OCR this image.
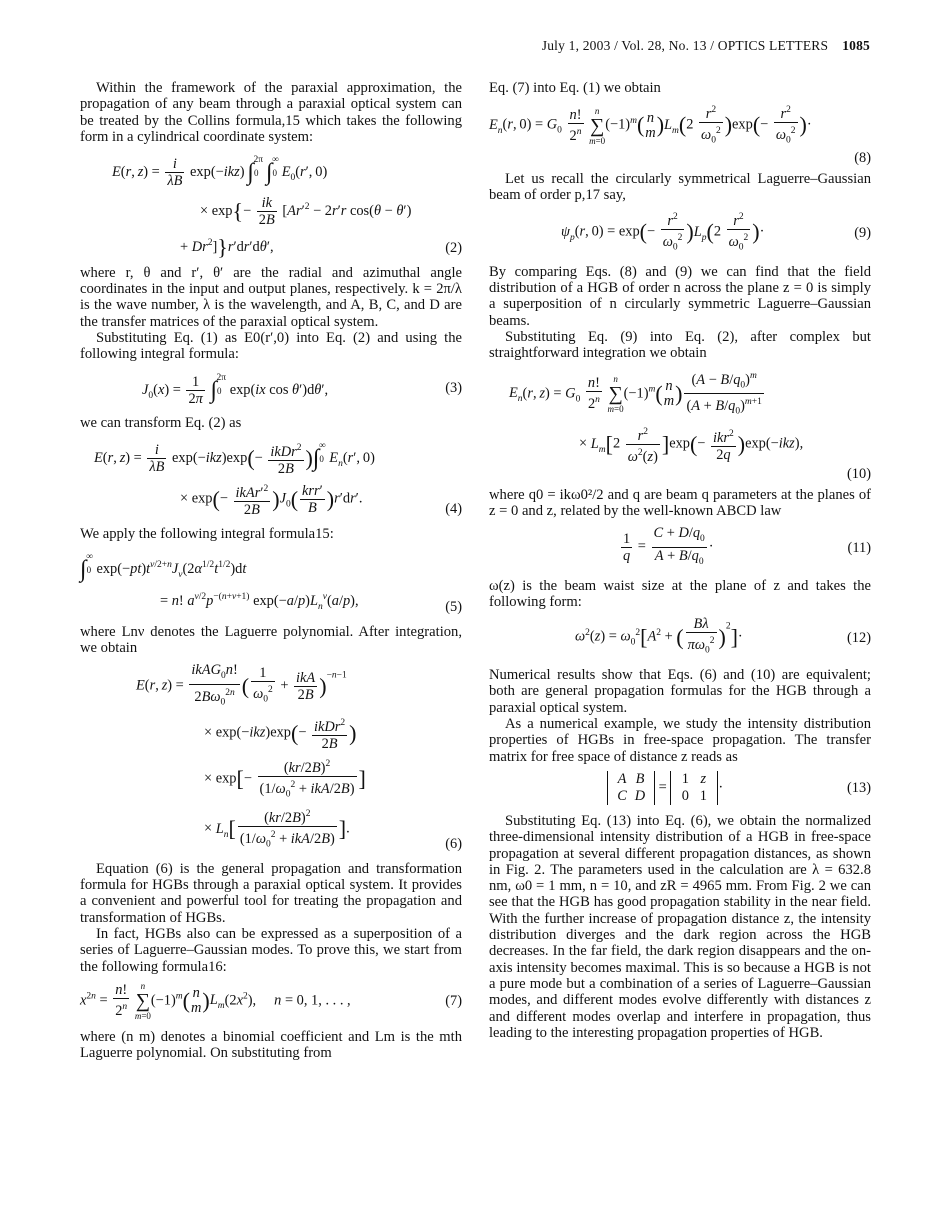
July 1, 2003 / Vol. 28, No. 13 / OPTICS LETTERS 1085

Within the framework of the paraxial approximation, the propagation of any beam through a paraxial optical system can be treated by the Collins formula,15 which takes the following form in a cylindrical coordinate system:

E(r, $z) = \frac{i}{\lambda B} \exp(-ikz)$ $\int 0^{2\pi}$  ∫0∞ $E_0(r'$, 0)
× $\exp\{- \frac{ik}{2B} [Ar'^2 - 2r'r$ cos(θ − θ′)
+ $Dr^2]\}r'dr'd\theta'$,	(2)

where r, θ and r′, θ′ are the radial and azimuthal angle coordinates in the input and output planes, respectively. k = 2π/λ is the wave number, λ is the wavelength, and A, B, C, and D are the transfer matrices of the paraxial optical system.

Substituting Eq. (1) as E0(r′,0) into Eq. (2) and using the following integral formula:

$J_0(x) = \frac{1}{2\pi} \int 0^{2\pi}$ exp(ix cos θ′)dθ′,	(3)

we can transform Eq. (2) as

E(r, $z) = \frac{i}{\lambda B} \exp(-ikz)\exp(- \frac{ikDr^2}{2B} )\int 0^\infty$ $E_n(r'$, 0)
× $\exp(- \frac{ikAr'^2}{2B} )J_0( \frac{\text{krr′}}{B} )r'dr'$.
(4)

We apply the following integral formula15:

∫0∞ $\exp(-pt)t^{\nu/2+n}J_\nu(2\alpha^{1/2}t^{1/2})dt$
= n! $a^{\nu/2}p^{-(n+\nu+1)}$ $\exp(-a/p)L_n^\nu(a/p)$,	(5)

where Lnν denotes the Laguerre polynomial. After integration, we obtain

E(r, $z) = \frac{ikAG_0n!}{2B\omega_0^{2n}}$ ( $\frac{1}{\omega_0^2} + \frac{\text{ikA}}{2B} )^{-n-1}$
× $\exp(-ikz)\exp(- \frac{ikDr^2}{2B}$ )
× $\exp[- \frac{(kr/2B)^2}{(1/\omega_0^2 + ikA/2B)}$ ]
× $L_n[ \frac{(kr/2B)^2}{(1/\omega_0^2 + ikA/2B)}$ ].
(6)

Equation (6) is the general propagation and transformation formula for HGBs through a paraxial optical system. It provides a convenient and powerful tool for treating the propagation and transformation of HGBs.

In fact, HGBs also can be expressed as a superposition of a series of Laguerre–Gaussian modes. To prove this, we start from the following formula16:

$x^{2n} = \frac{n!}{2^n}$
	n
∑
m=0
$(-1)^m$( n
m )$L_m(2x^2)$,     n = 0, 1, . . . ,	(7)

where (n m) denotes a binomial coefficient and Lm is the mth Laguerre polynomial. On substituting from

Eq. (7) into Eq. (1) we obtain

$E_n(r$, $0) = G_0 \frac{n!}{2^n}$
	n
∑
m=0
$(-1)^m$( n
m )$L_m(2 \frac{r^2}{\omega_0^2} )\exp(- \frac{r^2}{\omega_0^2}$ )·
(8)

Let us recall the circularly symmetrical Laguerre–Gaussian beam of order p,17 say,

$\psi_p(r$, $0) = \exp(- \frac{r^2}{\omega_0^2} )L_p(2 \frac{r^2}{\omega_0^2}$ )·	(9)

By comparing Eqs. (8) and (9) we can find that the field distribution of a HGB of order n across the plane z = 0 is simply a superposition of n circularly symmetric Laguerre–Gaussian beams.

Substituting Eq. (9) into Eq. (2), after complex but straightforward integration we obtain

$E_n(r$, $z) = G_0 \frac{n!}{2^n}$
	n
∑
m=0
$(-1)^m$( n
m ) $\frac{(A - B/q_0)^m}{(A + B/q_0)^{m+1}}$
× $L_m[2 \frac{r^2}{\omega^2(z)} ]\exp(- \frac{ikr^2}{2q} )\exp(-ikz)$,
(10)

where q0 = ikω0²/2 and q are beam q parameters at the planes of z = 0 and z, related by the well-known ABCD law

$\frac{1}{q} = \frac{C + D/q_0}{A + B/q_0}$ ·	(11)

ω(z) is the beam waist size at the plane of z and takes the following form:

$\omega^2(z) = \omega_0^2[A^2$ + ( $\frac{B\lambda}{\pi\omega_0^2} )^2]\cdot$	(12)

Numerical results show that Eqs. (6) and (10) are equivalent; both are general propagation formulas for the HGB through a paraxial optical system.

As a numerical example, we study the intensity distribution properties of HGBs in free-space propagation. The transfer matrix for free space of distance z reads as

A B
C D = 1 z
0 1·	(13)

Substituting Eq. (13) into Eq. (6), we obtain the normalized three-dimensional intensity distribution of a HGB in free-space propagation at several different propagation distances, as shown in Fig. 2. The parameters used in the calculation are λ = 632.8 nm, ω0 = 1 mm, n = 10, and zR = 4965 mm. From Fig. 2 we can see that the HGB has good propagation stability in the near field. With the further increase of propagation distance z, the intensity distribution diverges and the dark region across the HGB decreases. In the far field, the dark region disappears and the on-axis intensity becomes maximal. This is so because a HGB is not a pure mode but a combination of a series of Laguerre–Gaussian modes, and different modes evolve differently with distances z and different modes overlap and interfere in propagation, thus leading to the interesting propagation properties of HGB.
